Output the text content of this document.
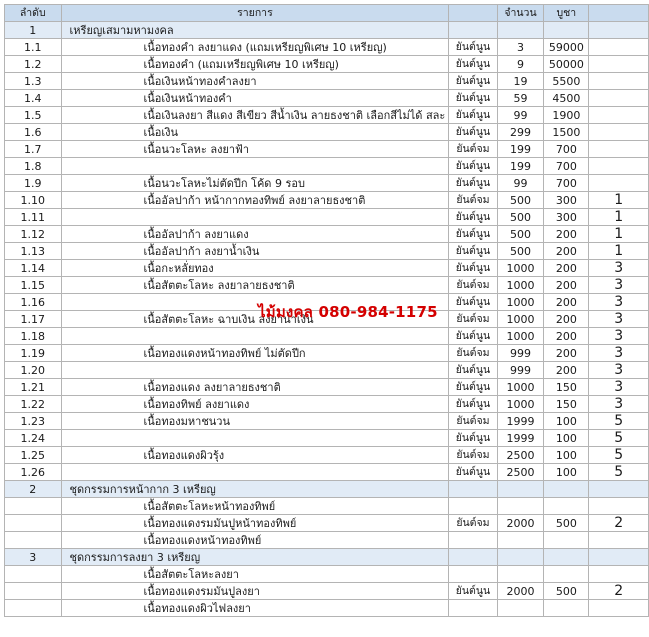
ลำดับ	รายการ		จำนวน	บูชา	
1	เหรียญเสมามหามงคล				
1.1	เนื้อทองคำ ลงยาแดง (แถมเหรียญพิเศษ 10 เหรียญ)	ยันต์นูน	3	59000	
1.2	เนื้อทองคำ (แถมเหรียญพิเศษ 10 เหรียญ)	ยันต์นูน	9	50000	
1.3	เนื้อเงินหน้าทองคำลงยา	ยันต์นูน	19	5500	
1.4	เนื้อเงินหน้าทองคำ	ยันต์นูน	59	4500	
1.5	เนื้อเงินลงยา สีแดง สีเขียว สีน้ำเงิน ลายธงชาติ เลือกสีไม่ได้ สละ	ยันต์นูน	99	1900	
1.6	เนื้อเงิน	ยันต์นูน	299	1500	
1.7	เนื้อนวะโลหะ ลงยาฟ้า	ยันต์จม	199	700	
1.8		ยันต์นูน	199	700	
1.9	เนื้อนวะโลหะไม่ตัดปีก โค้ด 9 รอบ	ยันต์นูน	99	700	
1.10	เนื้ออัลปาก้า หน้ากากทองทิพย์ ลงยาลายธงชาติ	ยันต์จม	500	300	1
1.11		ยันต์นูน	500	300	1
1.12	เนื้ออัลปาก้า ลงยาแดง	ยันต์นูน	500	200	1
1.13	เนื้ออัลปาก้า ลงยาน้ำเงิน	ยันต์นูน	500	200	1
1.14	เนื้อกะหลั่ยทอง	ยันต์นูน	1000	200	3
1.15	เนื้อสัตตะโลหะ ลงยาลายธงชาติ	ยันต์จม	1000	200	3
1.16		ยันต์นูน	1000	200	3
1.17	เนื้อสัตตะโลหะ ฉาบเงิน ลงยาน้ำเงิน	ยันต์จม	1000	200	3
1.18		ยันต์นูน	1000	200	3
1.19	เนื้อทองแดงหน้าทองทิพย์ ไม่ตัดปีก	ยันต์จม	999	200	3
1.20		ยันต์นูน	999	200	3
1.21	เนื้อทองแดง ลงยาลายธงชาติ	ยันต์นูน	1000	150	3
1.22	เนื้อทองทิพย์ ลงยาแดง	ยันต์นูน	1000	150	3
1.23	เนื้อทองมหาชนวน	ยันต์จม	1999	100	5
1.24		ยันต์นูน	1999	100	5
1.25	เนื้อทองแดงผิวรุ้ง	ยันต์จม	2500	100	5
1.26		ยันต์นูน	2500	100	5
2	ชุดกรรมการหน้ากาก 3 เหรียญ				
	เนื้อสัตตะโลหะหน้าทองทิพย์				
	เนื้อทองแดงรมมันปูหน้าทองทิพย์	ยันต์จม	2000	500	2
	เนื้อทองแดงหน้าทองทิพย์				
3	ชุดกรรมการลงยา 3 เหรียญ				
	เนื้อสัตตะโลหะลงยา				
	เนื้อทองแดงรมมันปูลงยา	ยันต์นูน	2000	500	2
	เนื้อทองแดงผิวไฟลงยา				
ไม้มงคล 080-984-1175
